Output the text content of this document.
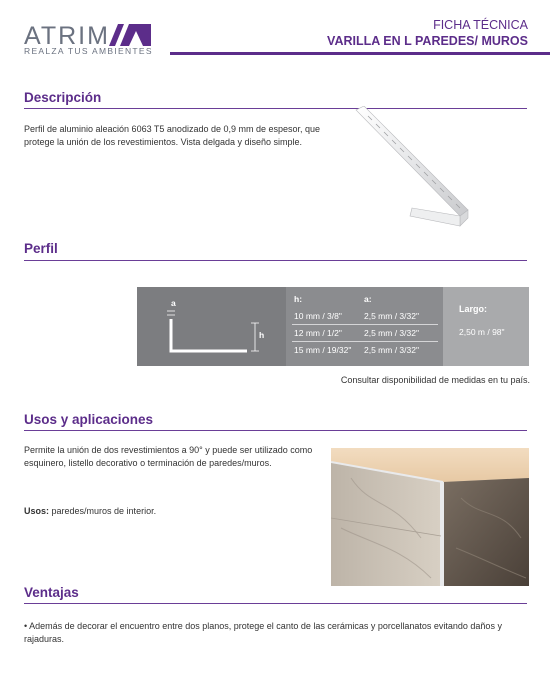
ATRIM
REALZA TUS AMBIENTES
FICHA TÉCNICA
VARILLA EN L PAREDES/ MUROS
Descripción
Perfil de aluminio aleación 6063 T5 anodizado de 0,9 mm de espesor, que protege la unión de los revestimientos. Vista delgada y diseño simple.
Perfil
a
h
h:	a:
10 mm / 3/8"	2,5 mm / 3/32"
12 mm / 1/2"	2,5 mm / 3/32"
15 mm / 19/32" 2,5 mm / 3/32"
Largo:
2,50 m / 98"
Consultar disponibilidad de medidas en tu país.
Usos y aplicaciones
Permite la unión de dos revestimientos a 90° y puede ser utilizado como esquinero, listello decorativo o terminación de paredes/muros.
Usos: paredes/muros de interior.
Ventajas
• Además de decorar el encuentro entre dos planos, protege el canto de las cerámicas y porcellanatos evitando daños y rajaduras.
